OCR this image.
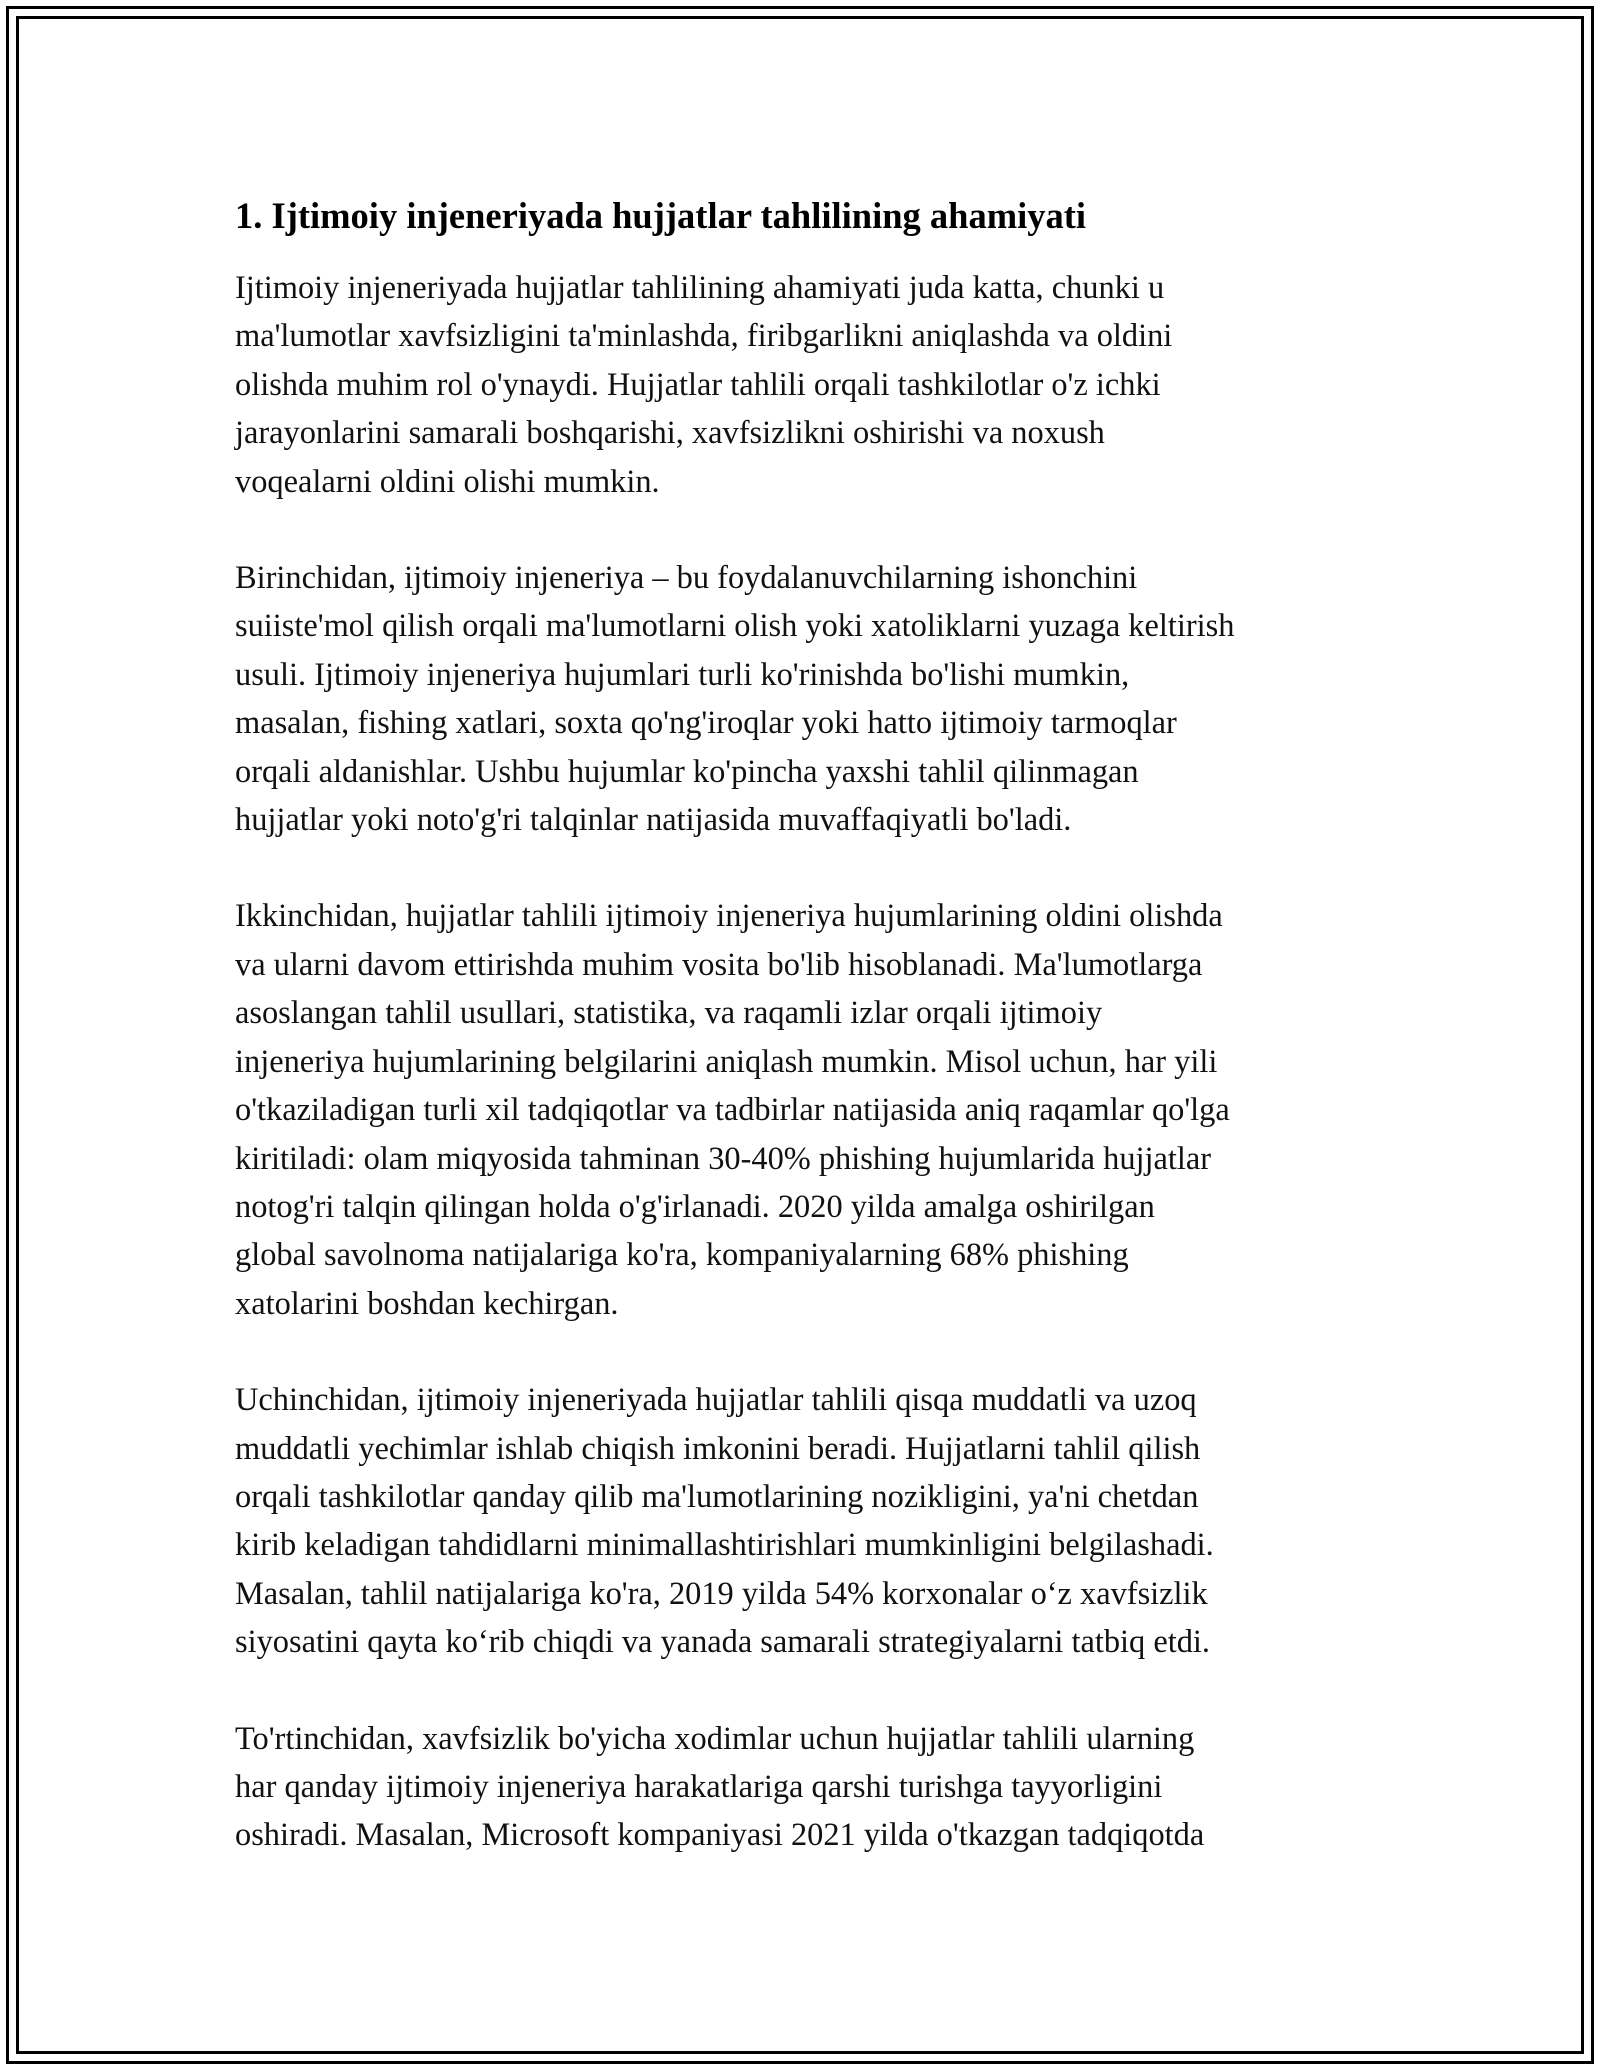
1. Ijtimoiy injeneriyada hujjatlar tahlilining ahamiyati

Ijtimoiy injeneriyada hujjatlar tahlilining ahamiyati juda katta, chunki u
ma'lumotlar xavfsizligini ta'minlashda, firibgarlikni aniqlashda va oldini
olishda muhim rol o'ynaydi. Hujjatlar tahlili orqali tashkilotlar o'z ichki
jarayonlarini samarali boshqarishi, xavfsizlikni oshirishi va noxush
voqealarni oldini olishi mumkin.

Birinchidan, ijtimoiy injeneriya – bu foydalanuvchilarning ishonchini
suiiste'mol qilish orqali ma'lumotlarni olish yoki xatoliklarni yuzaga keltirish
usuli. Ijtimoiy injeneriya hujumlari turli ko'rinishda bo'lishi mumkin,
masalan, fishing xatlari, soxta qo'ng'iroqlar yoki hatto ijtimoiy tarmoqlar
orqali aldanishlar. Ushbu hujumlar ko'pincha yaxshi tahlil qilinmagan
hujjatlar yoki noto'g'ri talqinlar natijasida muvaffaqiyatli bo'ladi.

Ikkinchidan, hujjatlar tahlili ijtimoiy injeneriya hujumlarining oldini olishda
va ularni davom ettirishda muhim vosita bo'lib hisoblanadi. Ma'lumotlarga
asoslangan tahlil usullari, statistika, va raqamli izlar orqali ijtimoiy
injeneriya hujumlarining belgilarini aniqlash mumkin. Misol uchun, har yili
o'tkaziladigan turli xil tadqiqotlar va tadbirlar natijasida aniq raqamlar qo'lga
kiritiladi: olam miqyosida tahminan 30-40% phishing hujumlarida hujjatlar
notog'ri talqin qilingan holda o'g'irlanadi. 2020 yilda amalga oshirilgan
global savolnoma natijalariga ko'ra, kompaniyalarning 68% phishing
xatolarini boshdan kechirgan.

Uchinchidan, ijtimoiy injeneriyada hujjatlar tahlili qisqa muddatli va uzoq
muddatli yechimlar ishlab chiqish imkonini beradi. Hujjatlarni tahlil qilish
orqali tashkilotlar qanday qilib ma'lumotlarining nozikligini, ya'ni chetdan
kirib keladigan tahdidlarni minimallashtirishlari mumkinligini belgilashadi.
Masalan, tahlil natijalariga ko'ra, 2019 yilda 54% korxonalar o‘z xavfsizlik
siyosatini qayta ko‘rib chiqdi va yanada samarali strategiyalarni tatbiq etdi.

To'rtinchidan, xavfsizlik bo'yicha xodimlar uchun hujjatlar tahlili ularning
har qanday ijtimoiy injeneriya harakatlariga qarshi turishga tayyorligini
oshiradi. Masalan, Microsoft kompaniyasi 2021 yilda o'tkazgan tadqiqotda
